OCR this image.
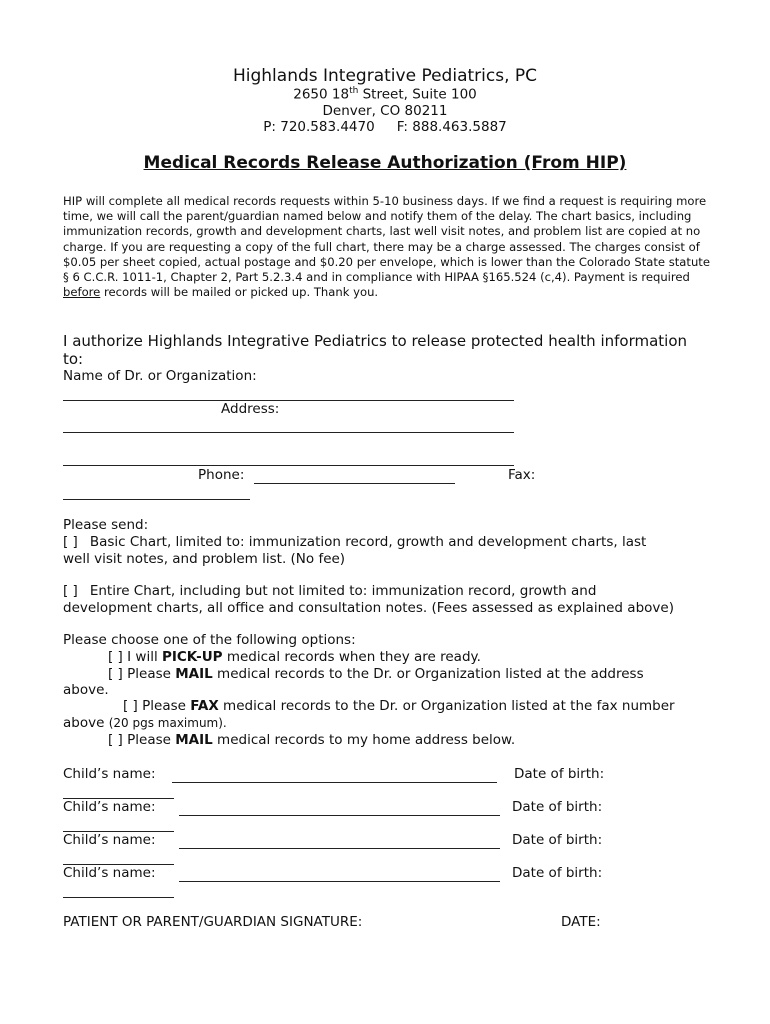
Highlands Integrative Pediatrics, PC
2650 18th Street, Suite 100
Denver, CO 80211
P: 720.583.4470 F: 888.463.5887
Medical Records Release Authorization (From HIP)
HIP will complete all medical records requests within 5-10 business days. If we find a request is requiring more time, we will call the parent/guardian named below and notify them of the delay. The chart basics, including immunization records, growth and development charts, last well visit notes, and problem list are copied at no charge. If you are requesting a copy of the full chart, there may be a charge assessed. The charges consist of $0.05 per sheet copied, actual postage and $0.20 per envelope, which is lower than the Colorado State statute § 6 C.C.R. 1011-1, Chapter 2, Part 5.2.3.4 and in compliance with HIPAA §165.524 (c,4). Payment is required before records will be mailed or picked up. Thank you.
I authorize Highlands Integrative Pediatrics to release protected health information
to:
Name of Dr. or Organization:
Address:
Phone:	Fax:
Please send:
[ ] Basic Chart, limited to: immunization record, growth and development charts, last
well visit notes, and problem list. (No fee)
[ ] Entire Chart, including but not limited to: immunization record, growth and
development charts, all office and consultation notes. (Fees assessed as explained above)
Please choose one of the following options:
[ ] I will PICK-UP medical records when they are ready.
[ ] Please MAIL medical records to the Dr. or Organization listed at the address
above.
[ ] Please FAX medical records to the Dr. or Organization listed at the fax number
above (20 pgs maximum).
[ ] Please MAIL medical records to my home address below.
Child’s name:	Date of birth:
Child’s name:	Date of birth:
Child’s name:	Date of birth:
Child’s name:	Date of birth:
PATIENT OR PARENT/GUARDIAN SIGNATURE:	DATE:
